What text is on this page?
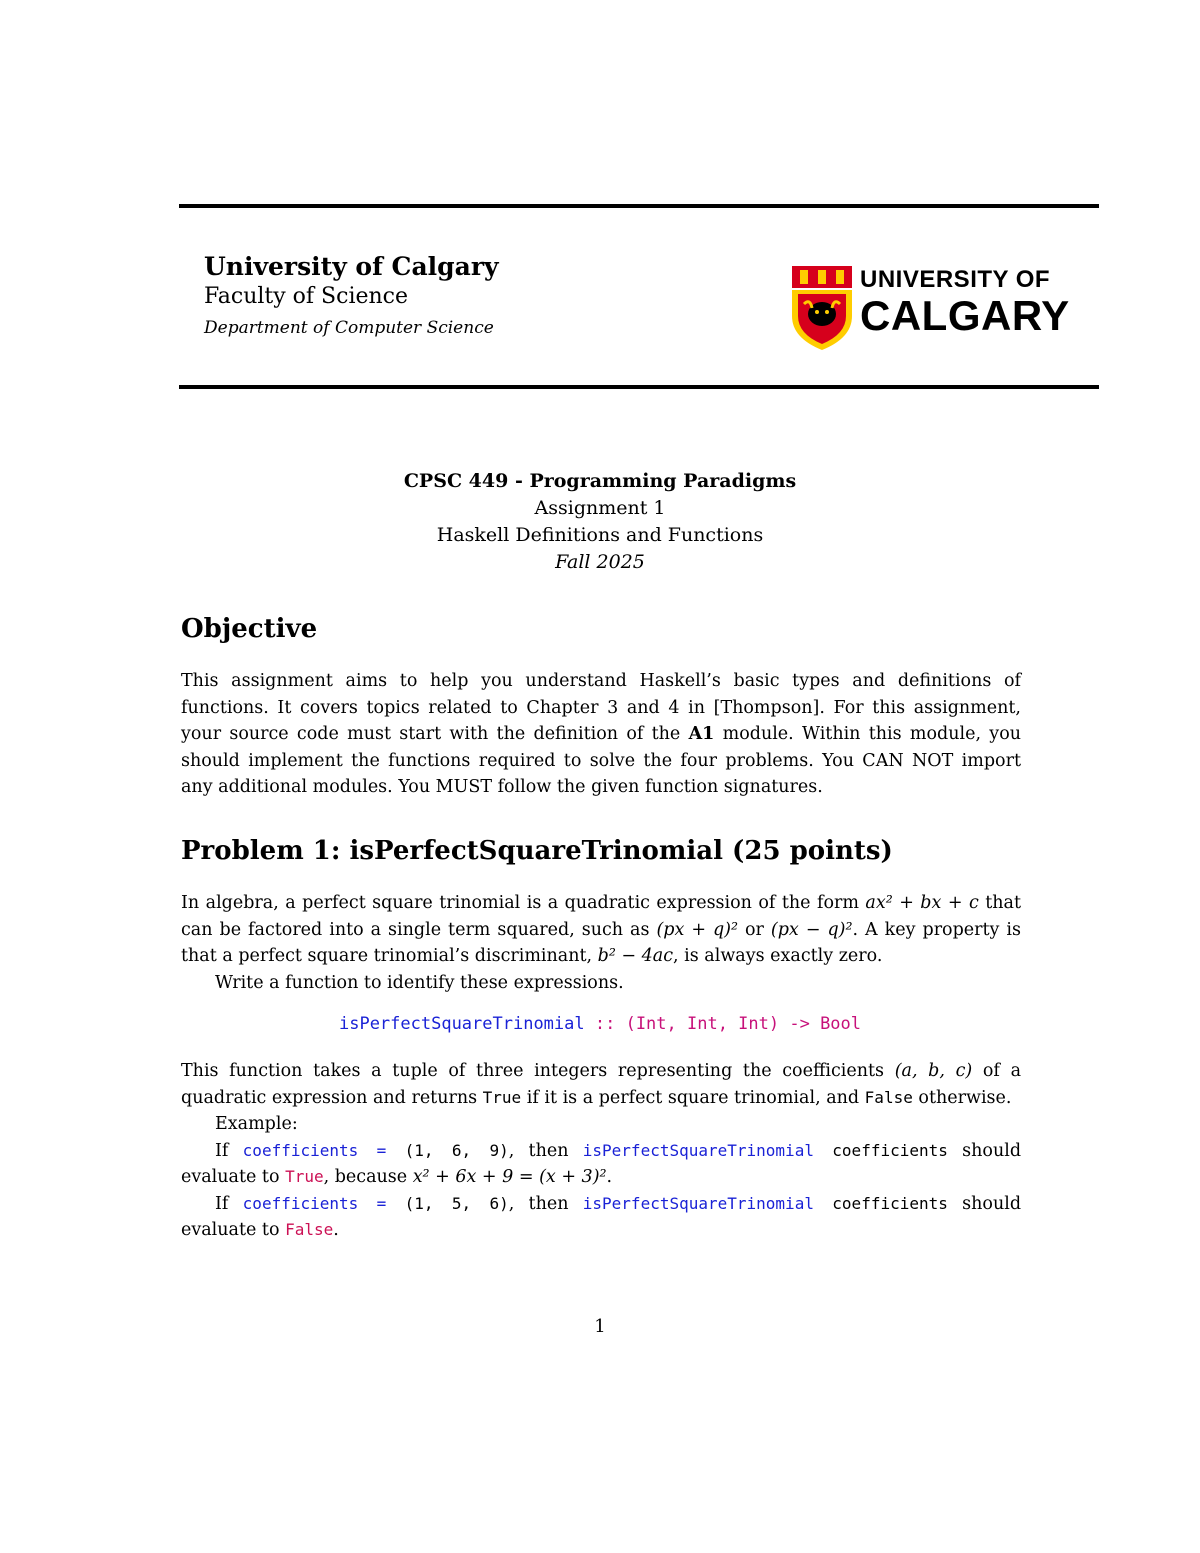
University of Calgary
Faculty of Science
Department of Computer Science
UNIVERSITY OF
CALGARY
CPSC 449 - Programming Paradigms
Assignment 1
Haskell Definitions and Functions
Fall 2025
Objective
This assignment aims to help you understand Haskell’s basic types and definitions of functions. It covers topics related to Chapter 3 and 4 in [Thompson]. For this assignment, your source code must start with the definition of the A1 module. Within this module, you should implement the functions required to solve the four problems. You CAN NOT import any additional modules. You MUST follow the given function signatures.
Problem 1: isPerfectSquareTrinomial (25 points)
In algebra, a perfect square trinomial is a quadratic expression of the form ax² + bx + c that can be factored into a single term squared, such as (px + q)² or (px − q)². A key property is that a perfect square trinomial’s discriminant, b² − 4ac, is always exactly zero.
Write a function to identify these expressions.
isPerfectSquareTrinomial :: (Int, Int, Int) -> Bool
This function takes a tuple of three integers representing the coefficients (a, b, c) of a quadratic expression and returns True if it is a perfect square trinomial, and False otherwise.
Example:
If coefficients = (1, 6, 9), then isPerfectSquareTrinomial coefficients should evaluate to True, because x² + 6x + 9 = (x + 3)².
If coefficients = (1, 5, 6), then isPerfectSquareTrinomial coefficients should evaluate to False.
1
